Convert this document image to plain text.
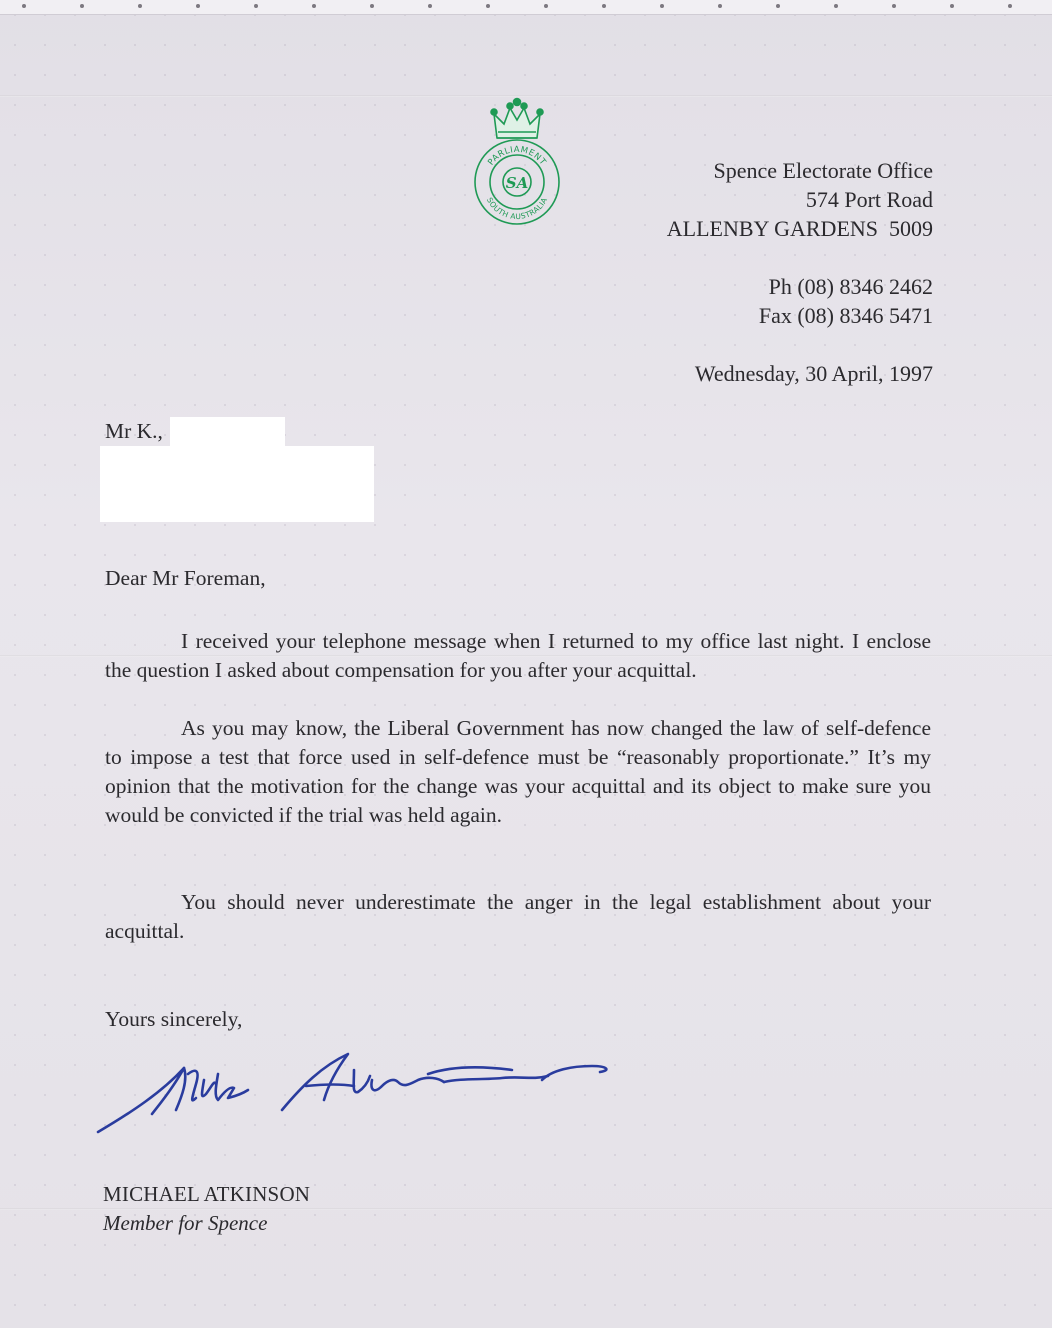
PARLIAMENT
SOUTH AUSTRALIA
SA	Spence Electorate Office
574 Port Road
ALLENBY GARDENS  5009
Ph (08) 8346 2462
Fax (08) 8346 5471
Wednesday, 30 April, 1997
Mr K.,
Dear Mr Foreman,
I received your telephone message when I returned to my office last night. I enclose the question I asked about compensation for you after your acquittal.
As you may know, the Liberal Government has now changed the law of self-defence to impose a test that force used in self-defence must be “reasonably proportionate.” It’s my opinion that the motivation for the change was your acquittal and its object to make sure you would be convicted if the trial was held again.
You should never underestimate the anger in the legal establishment about your acquittal.
Yours sincerely,
MICHAEL ATKINSON
Member for Spence
